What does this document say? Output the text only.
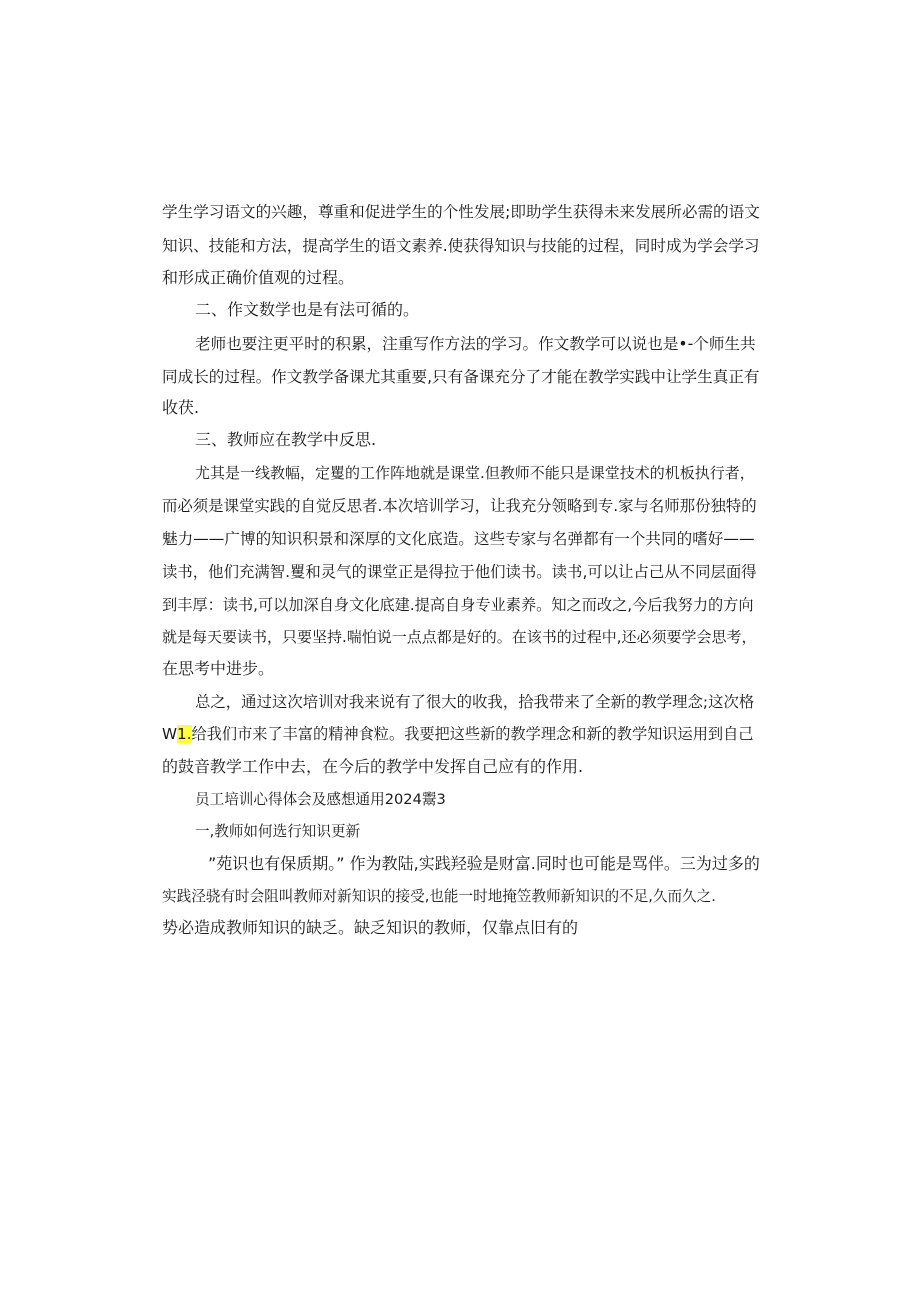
学生学习语文的兴趣，尊重和促进学生的个性发展;即助学生获得未来发展所必需的语文
知识、技能和方法，提高学生的语文素养.使获得知识与技能的过程，同时成为学会学习
和形成正确价值观的过程。
二、作文数学也是有法可循的。
老师也要注更平时的积累，注重写作方法的学习。作文教学可以说也是•-个师生共
同成长的过程。作文教学备课尤其重要,只有备课充分了才能在教学实践中让学生真正有
收茯.
三、教师应在教学中反思.
尤其是一线教幅，定矍的工作阵地就是课堂.但教师不能只是课堂技术的机板执行者，
而必须是课堂实践的自觉反思者.本次培训学习，让我充分领略到专.家与名师那份独特的
魅力——广博的知识积景和深厚的文化底造。这些专家与名弹都有一个共同的嗜好——
读书，他们充满智.矍和灵气的课堂正是得拉于他们读书。读书,可以让占己从不同层面得
到丰厚：读书,可以加深自身文化底建.提高自身专业素养。知之而改之,今后我努力的方向
就是每天要读书，只要坚持.喘怕说一点点都是好的。在该书的过程中,还必须要学会思考，
在思考中进步。
总之，通过这次培训对我来说有了很大的收我，拾我带来了全新的教学理念;这次格
W1.给我们市来了丰富的精神食粒。我要把这些新的教学理念和新的教学知识运用到自己
的鼓音教学工作中去，在今后的教学中发挥自己应有的作用.
员工培训心得体会及感想通用2024鬻3
一,教师如何选行知识更新
”苑识也有保质期。” 作为教陆,实践羟验是财富.同时也可能是骂伴。三为过多的
实践泾骁有时会阻叫教师对新知识的接受,也能一时地掩笠教师新知识的不足,久而久之.
势必造成教师知识的缺乏。缺乏知识的教师，仅靠点旧有的
